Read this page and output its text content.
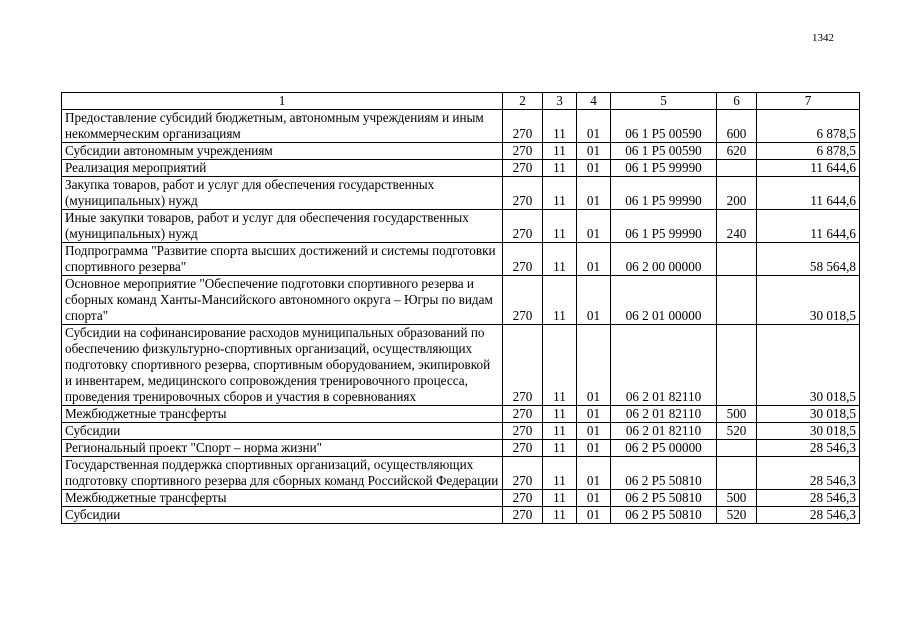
1342
1	2	3	4	5	6	7
Предоставление субсидий бюджетным, автономным учреждениям и иным некоммерческим организациям	270	11	01	06 1 P5 00590	600	6 878,5
Субсидии автономным учреждениям	270	11	01	06 1 P5 00590	620	6 878,5
Реализация мероприятий	270	11	01	06 1 P5 99990		11 644,6
Закупка товаров, работ и услуг для обеспечения государственных (муниципальных) нужд	270	11	01	06 1 P5 99990	200	11 644,6
Иные закупки товаров, работ и услуг для обеспечения государственных (муниципальных) нужд	270	11	01	06 1 P5 99990	240	11 644,6
Подпрограмма "Развитие спорта высших достижений и системы подготовки спортивного резерва"	270	11	01	06 2 00 00000		58 564,8
Основное мероприятие "Обеспечение подготовки спортивного резерва и сборных команд Ханты-Мансийского автономного округа – Югры по видам спорта"	270	11	01	06 2 01 00000		30 018,5
Субсидии на софинансирование расходов муниципальных образований по обеспечению физкультурно-спортивных организаций, осуществляющих подготовку спортивного резерва, спортивным оборудованием, экипировкой и инвентарем, медицинского сопровождения тренировочного процесса, проведения тренировочных сборов и участия в соревнованиях	270	11	01	06 2 01 82110		30 018,5
Межбюджетные трансферты	270	11	01	06 2 01 82110	500	30 018,5
Субсидии	270	11	01	06 2 01 82110	520	30 018,5
Региональный проект "Спорт – норма жизни"	270	11	01	06 2 P5 00000		28 546,3
Государственная поддержка спортивных организаций, осуществляющих подготовку спортивного резерва для сборных команд Российской Федерации	270	11	01	06 2 P5 50810		28 546,3
Межбюджетные трансферты	270	11	01	06 2 P5 50810	500	28 546,3
Субсидии	270	11	01	06 2 P5 50810	520	28 546,3
